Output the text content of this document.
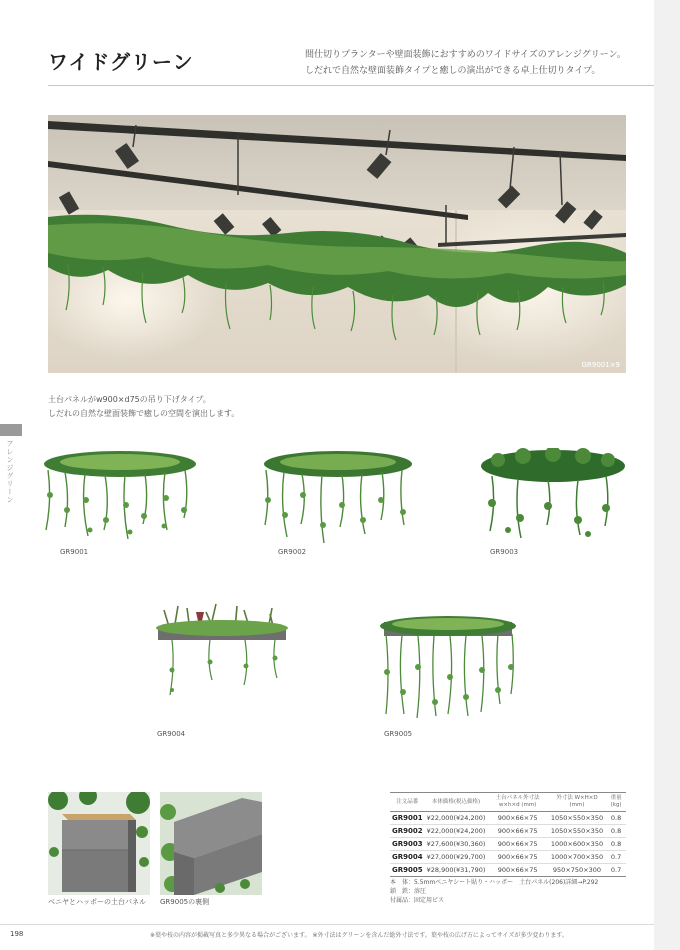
ワイドグリーン	間仕切りプランターや壁面装飾におすすめのワイドサイズのアレンジグリーン。
しだれで自然な壁面装飾タイプと癒しの演出ができる卓上仕切りタイプ。
GR9001×9
土台パネルがw900×d75の吊り下げタイプ。
しだれの自然な壁面装飾で癒しの空間を演出します。
アレンジグリーン
GR9001	GR9002	GR9003
GR9004	GR9005
ベニヤとハッポーの土台パネル GR9005の裏側
注文品番	本体価格(税込価格)	土台パネル外寸法 w×h×d (mm)	外寸法 W×H×D (mm)	重量 (kg)
GR9001	¥22,000(¥24,200)	900×66×75	1050×550×350	0.8
GR9002	¥22,000(¥24,200)	900×66×75	1050×550×350	0.8
GR9003	¥27,600(¥30,360)	900×66×75	1000×600×350	0.8
GR9004	¥27,000(¥29,700)	900×66×75	1000×700×350	0.7
GR9005	¥28,900(¥31,790)	900×66×75	950×750×300	0.7
本　体：5.5mmベニヤシート貼り・ハッポー　土台パネル(206)詳細→P.292
鎖　鉄：溶圧
付属品：固定用ビス
198	※葉や枝の内容が掲載写真と多少異なる場合がございます。 ※外寸法はグリーンを含んだ総外寸法です。葉や枝の広げ方によってサイズが多少変わります。
